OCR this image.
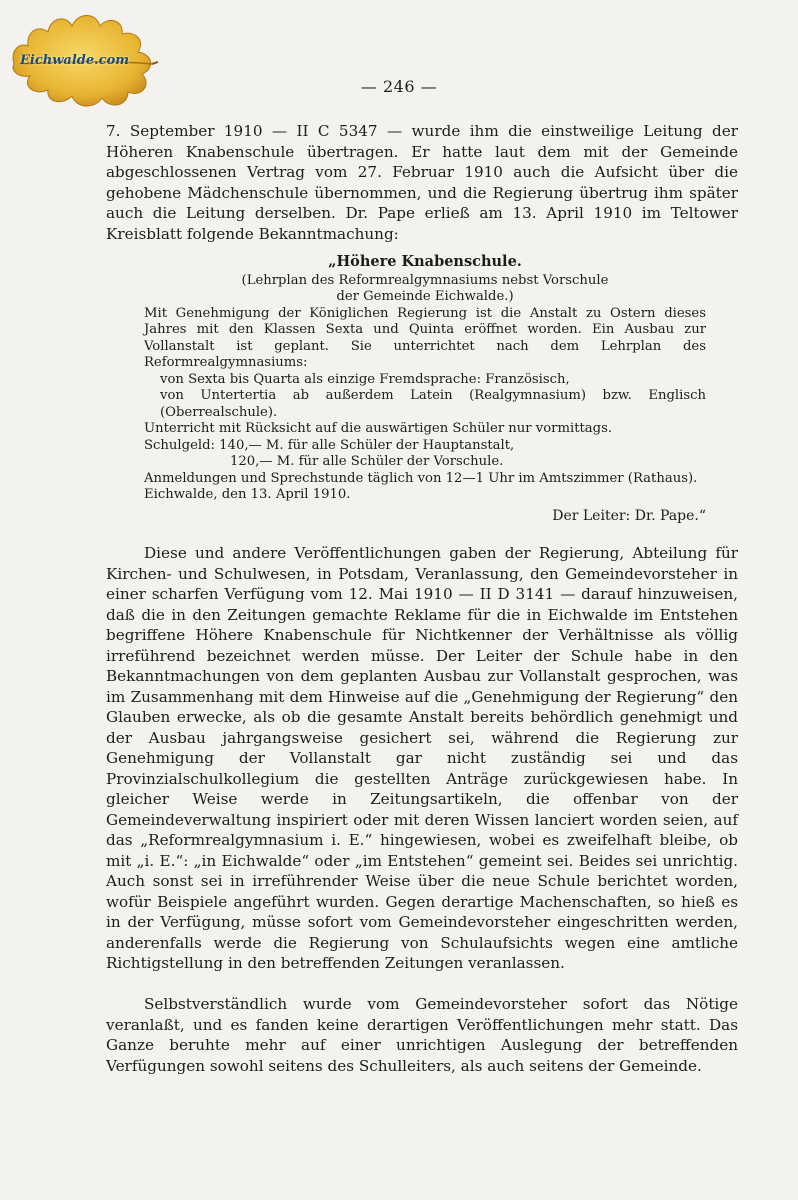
Eichwalde.com
— 246 —

7. September 1910 — II C 5347 — wurde ihm die einstweilige Leitung der Höheren Knabenschule übertragen. Er hatte laut dem mit der Gemeinde abgeschlossenen Vertrag vom 27. Februar 1910 auch die Aufsicht über die gehobene Mädchenschule übernommen, und die Regierung übertrug ihm später auch die Leitung derselben. Dr. Pape erließ am 13. April 1910 im Teltower Kreisblatt folgende Bekanntmachung:

„Höhere Knabenschule.
(Lehrplan des Reformrealgymnasiums nebst Vorschule
der Gemeinde Eichwalde.)

Mit Genehmigung der Königlichen Regierung ist die Anstalt zu Ostern dieses Jahres mit den Klassen Sexta und Quinta eröffnet worden. Ein Ausbau zur Vollanstalt ist geplant. Sie unterrichtet nach dem Lehrplan des Reformrealgymnasiums:

von Sexta bis Quarta als einzige Fremdsprache: Französisch,

von Untertertia ab außerdem Latein (Realgymnasium) bzw. Englisch (Oberrealschule).

Unterricht mit Rücksicht auf die auswärtigen Schüler nur vormittags.

Schulgeld: 140,— M. für alle Schüler der Hauptanstalt,

120,— M. für alle Schüler der Vorschule.

Anmeldungen und Sprechstunde täglich von 12—1 Uhr im Amtszimmer (Rathaus).

Eichwalde, den 13. April 1910.

Der Leiter: Dr. Pape.“

Diese und andere Veröffentlichungen gaben der Regierung, Abteilung für Kirchen- und Schulwesen, in Potsdam, Veranlassung, den Gemeindevorsteher in einer scharfen Verfügung vom 12. Mai 1910 — II D 3141 — darauf hinzuweisen, daß die in den Zeitungen gemachte Reklame für die in Eichwalde im Entstehen begriffene Höhere Knabenschule für Nichtkenner der Verhältnisse als völlig irreführend bezeichnet werden müsse. Der Leiter der Schule habe in den Bekanntmachungen von dem geplanten Ausbau zur Vollanstalt gesprochen, was im Zusammenhang mit dem Hinweise auf die „Genehmigung der Regierung“ den Glauben erwecke, als ob die gesamte Anstalt bereits behördlich genehmigt und der Ausbau jahrgangsweise gesichert sei, während die Regierung zur Genehmigung der Vollanstalt gar nicht zuständig sei und das Provinzialschulkollegium die gestellten Anträge zurückgewiesen habe. In gleicher Weise werde in Zeitungsartikeln, die offenbar von der Gemeindeverwaltung inspiriert oder mit deren Wissen lanciert worden seien, auf das „Reformrealgymnasium i. E.“ hingewiesen, wobei es zweifelhaft bleibe, ob mit „i. E.“: „in Eichwalde“ oder „im Entstehen“ gemeint sei. Beides sei unrichtig. Auch sonst sei in irreführender Weise über die neue Schule berichtet worden, wofür Beispiele angeführt wurden. Gegen derartige Machenschaften, so hieß es in der Verfügung, müsse sofort vom Gemeindevorsteher eingeschritten werden, anderenfalls werde die Regierung von Schulaufsichts wegen eine amtliche Richtigstellung in den betreffenden Zeitungen veranlassen.

Selbstverständlich wurde vom Gemeindevorsteher sofort das Nötige veranlaßt, und es fanden keine derartigen Veröffentlichungen mehr statt. Das Ganze beruhte mehr auf einer unrichtigen Auslegung der betreffenden Verfügungen sowohl seitens des Schulleiters, als auch seitens der Gemeinde.
